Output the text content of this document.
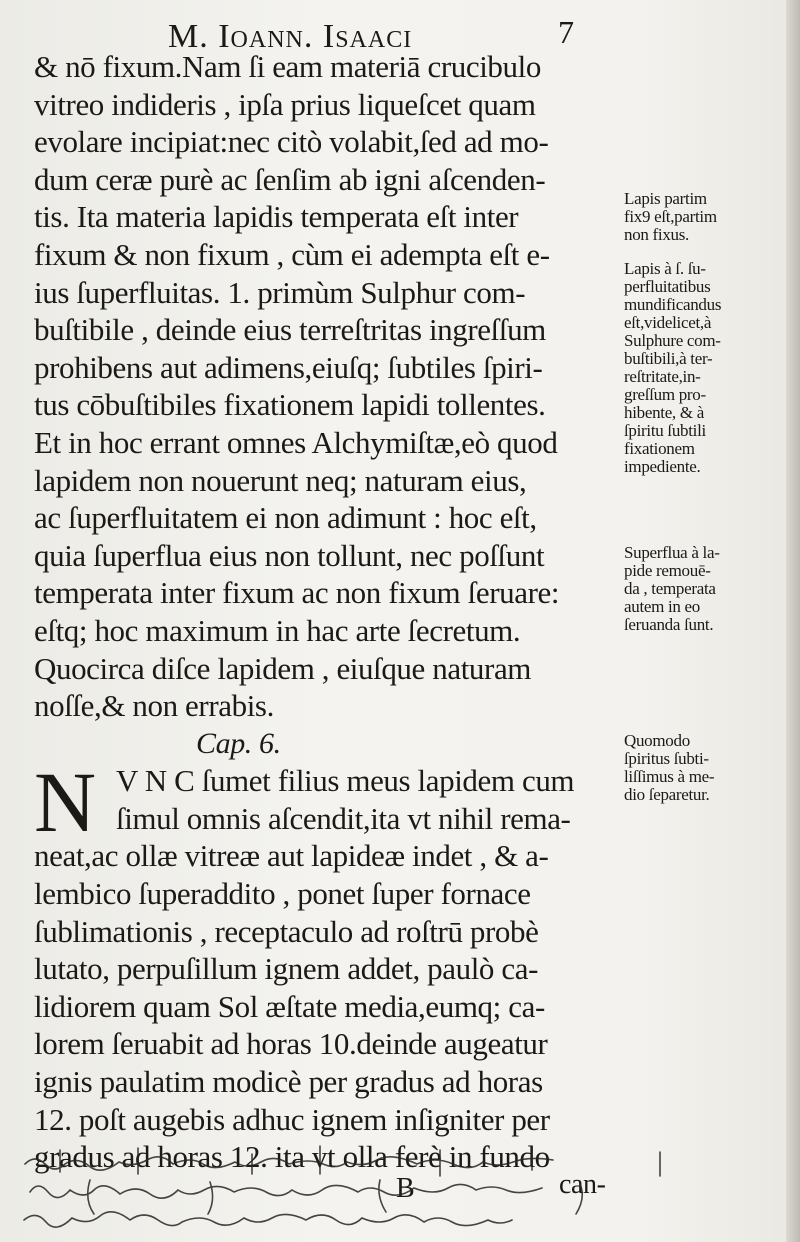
M. Ioann. Isaaci	7
& nō fixum.Nam ſi eam materiā crucibulo
vitreo indideris , ipſa prius liqueſcet quam
evolare incipiat:nec citò volabit,ſed ad mo-
dum ceræ purè ac ſenſim ab igni aſcenden-
tis. Ita materia lapidis temperata eſt inter
fixum & non fixum , cùm ei adempta eſt e-
ius ſuperfluitas. 1. primùm Sulphur com-
buſtibile , deinde eius terreſtritas ingreſſum
prohibens aut adimens,eiuſq; ſubtiles ſpiri-
tus cōbuſtibiles fixationem lapidi tollentes.
Et in hoc errant omnes Alchymiſtæ,eò quod
lapidem non nouerunt neq; naturam eius,
ac ſuperfluitatem ei non adimunt : hoc eſt,
quia ſuperflua eius non tollunt, nec poſſunt
temperata inter fixum ac non fixum ſeruare:
eſtq; hoc maximum in hac arte ſecretum.
Quocirca diſce lapidem , eiuſque naturam
noſſe,& non errabis.
Cap. 6.
N V N C ſumet filius meus lapidem cum
ſimul omnis aſcendit,ita vt nihil rema-
neat,ac ollæ vitreæ aut lapideæ indet , & a-
lembico ſuperaddito , ponet ſuper fornace
ſublimationis , receptaculo ad roſtrū probè
lutato, perpuſillum ignem addet, paulò ca-
lidiorem quam Sol æſtate media,eumq; ca-
lorem ſeruabit ad horas 10.deinde augeatur
ignis paulatim modicè per gradus ad horas
12. poſt augebis adhuc ignem inſigniter per
gradus ad horas 12. ita vt olla ferè in fundo
B	can-
Lapis partim
fix9 eſt,partim
non fixus.
Lapis à ſ. ſu-
perfluitatibus
mundificandus
eſt,videlicet,à
Sulphure com-
buſtibili,à ter-
reſtritate,in-
greſſum pro-
hibente, & à
ſpiritu ſubtili
fixationem
impediente.
Superflua à la-
pide remouē-
da , temperata
autem in eo
ſeruanda ſunt.
Quomodo
ſpiritus ſubti-
liſſimus à me-
dio ſeparetur.
